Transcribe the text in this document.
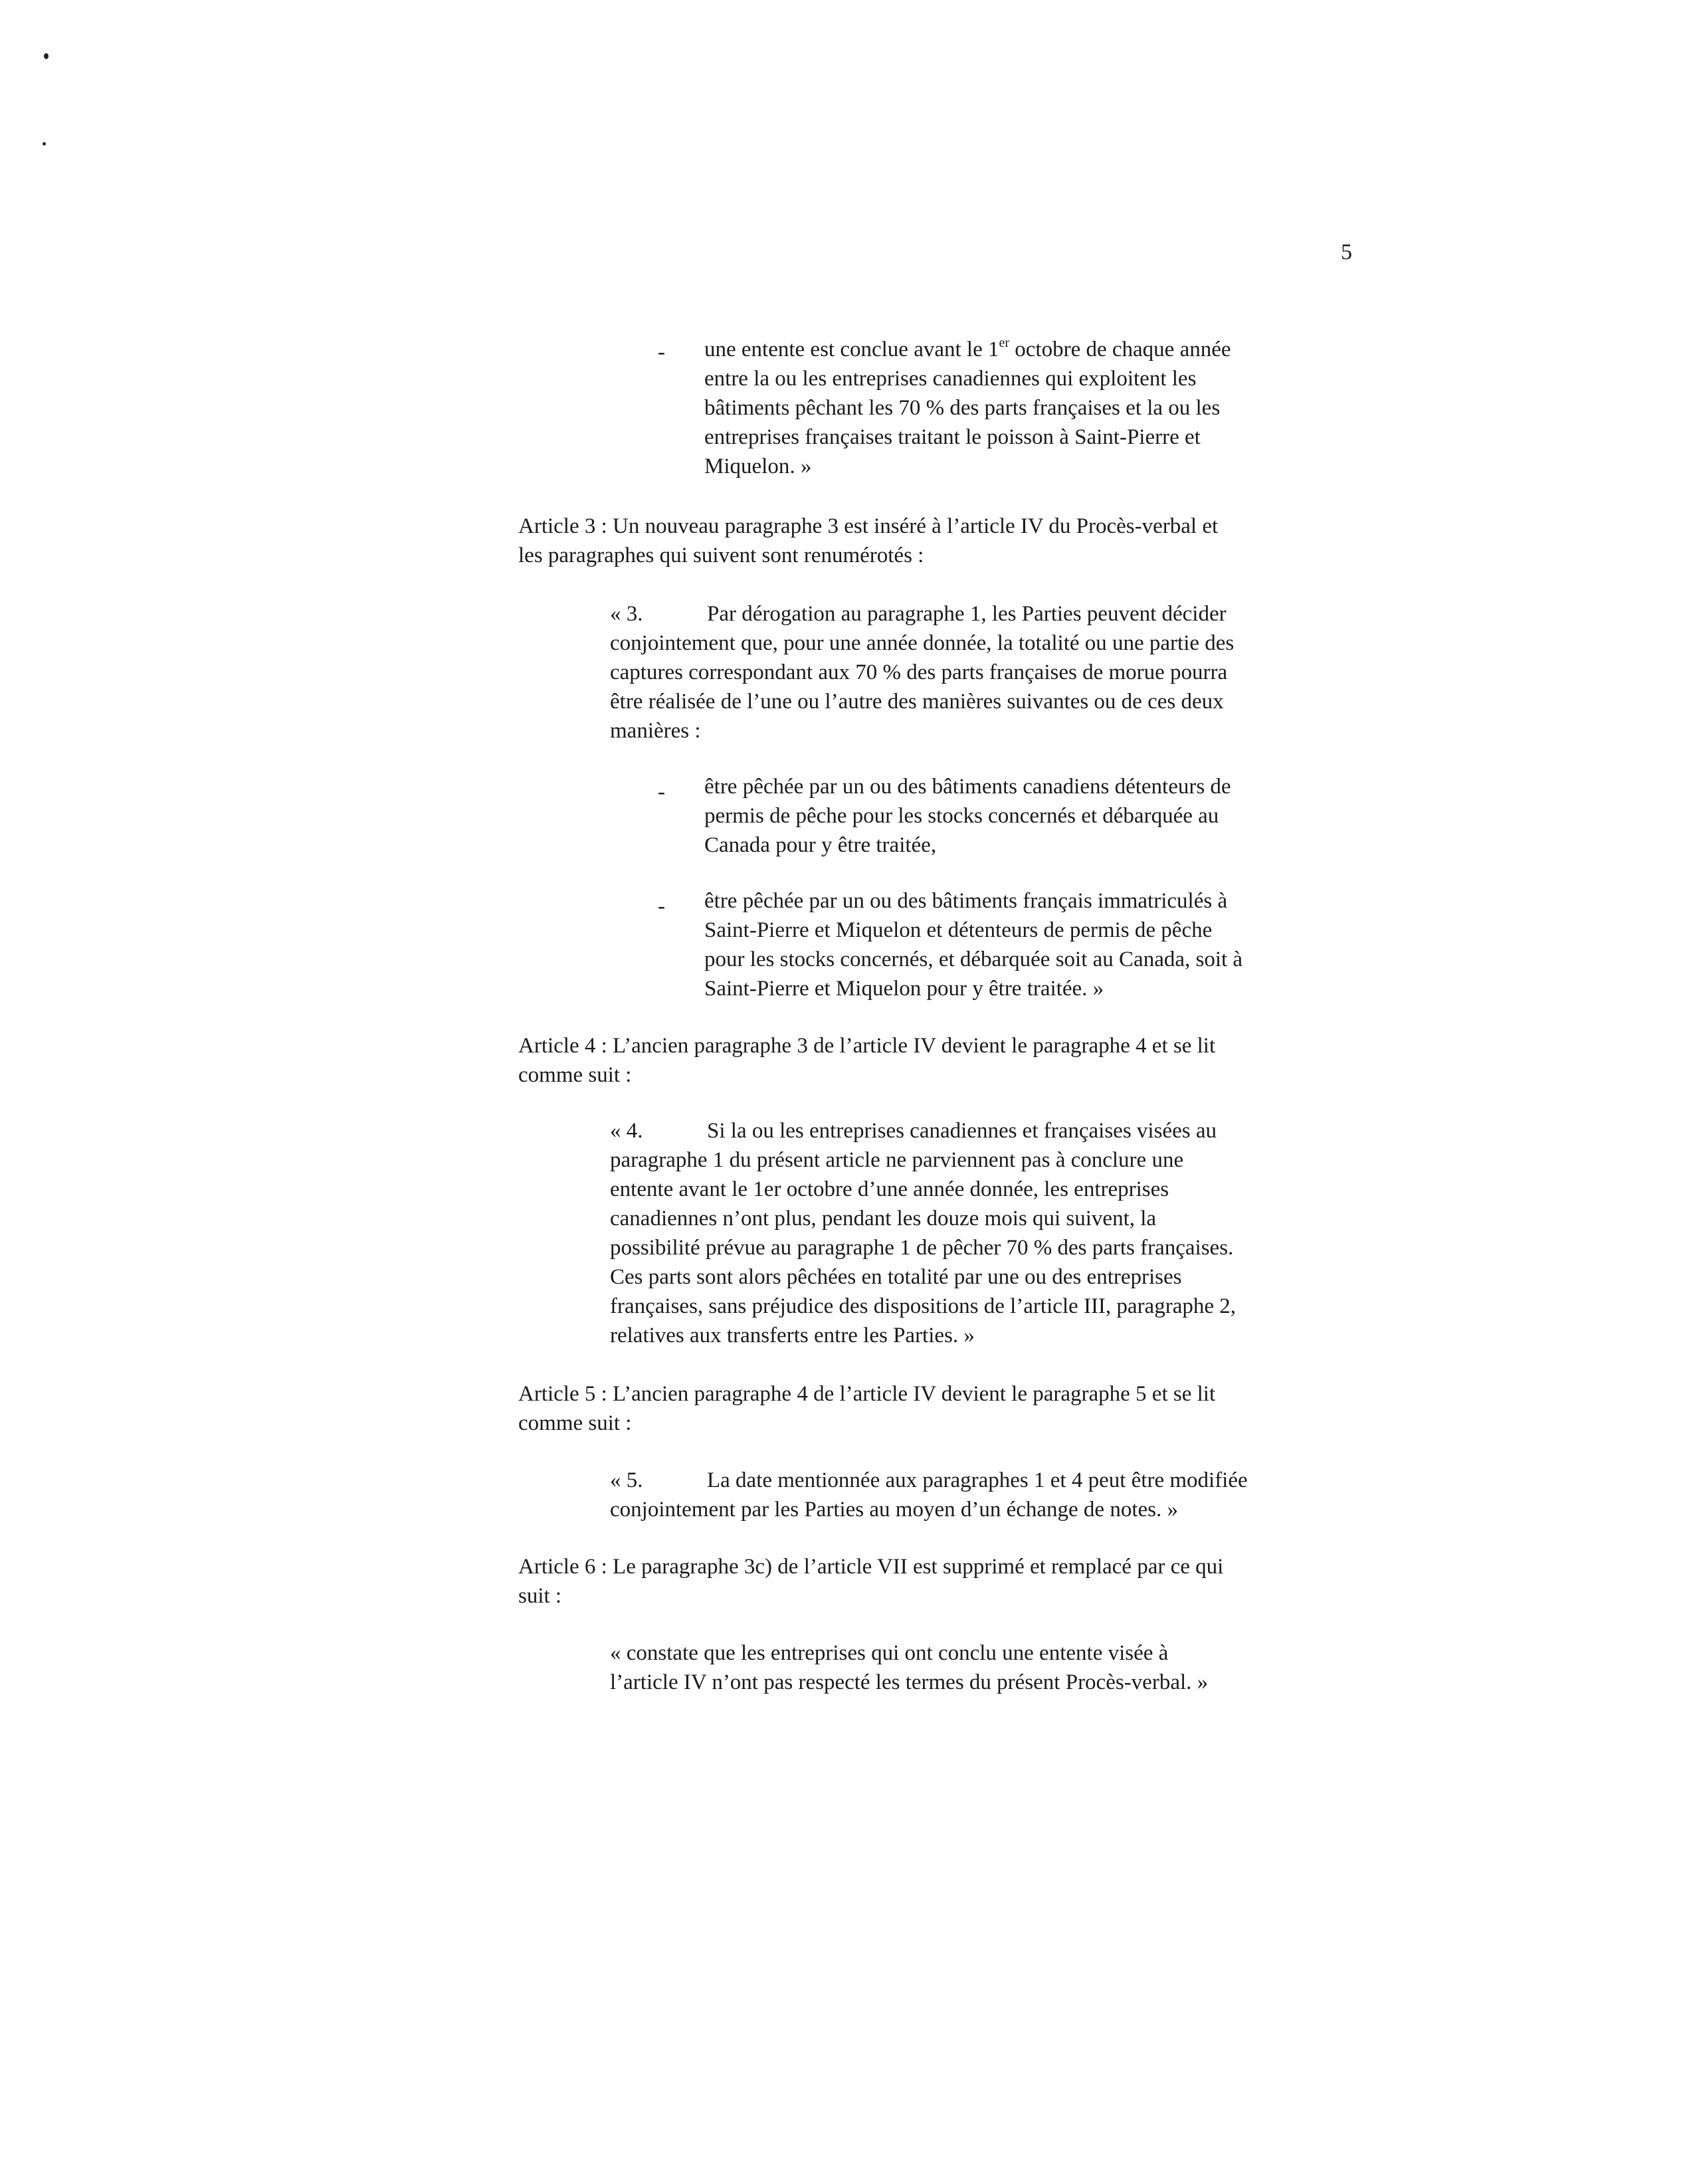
5
- une entente est conclue avant le 1er octobre de chaque année
entre la ou les entreprises canadiennes qui exploitent les
bâtiments pêchant les 70 % des parts françaises et la ou les
entreprises françaises traitant le poisson à Saint-Pierre et
Miquelon. »
Article 3 : Un nouveau paragraphe 3 est inséré à l’article IV du Procès-verbal et
les paragraphes qui suivent sont renumérotés :
« 3.	Par dérogation au paragraphe 1, les Parties peuvent décider
conjointement que, pour une année donnée, la totalité ou une partie des
captures correspondant aux 70 % des parts françaises de morue pourra
être réalisée de l’une ou l’autre des manières suivantes ou de ces deux
manières :
- être pêchée par un ou des bâtiments canadiens détenteurs de
permis de pêche pour les stocks concernés et débarquée au
Canada pour y être traitée,
- être pêchée par un ou des bâtiments français immatriculés à
Saint-Pierre et Miquelon et détenteurs de permis de pêche
pour les stocks concernés, et débarquée soit au Canada, soit à
Saint-Pierre et Miquelon pour y être traitée. »
Article 4 : L’ancien paragraphe 3 de l’article IV devient le paragraphe 4 et se lit
comme suit :
« 4.	Si la ou les entreprises canadiennes et françaises visées au
paragraphe 1 du présent article ne parviennent pas à conclure une
entente avant le 1er octobre d’une année donnée, les entreprises
canadiennes n’ont plus, pendant les douze mois qui suivent, la
possibilité prévue au paragraphe 1 de pêcher 70 % des parts françaises.
Ces parts sont alors pêchées en totalité par une ou des entreprises
françaises, sans préjudice des dispositions de l’article III, paragraphe 2,
relatives aux transferts entre les Parties. »
Article 5 : L’ancien paragraphe 4 de l’article IV devient le paragraphe 5 et se lit
comme suit :
« 5.	La date mentionnée aux paragraphes 1 et 4 peut être modifiée
conjointement par les Parties au moyen d’un échange de notes. »
Article 6 : Le paragraphe 3c) de l’article VII est supprimé et remplacé par ce qui
suit :
« constate que les entreprises qui ont conclu une entente visée à
l’article IV n’ont pas respecté les termes du présent Procès-verbal. »
